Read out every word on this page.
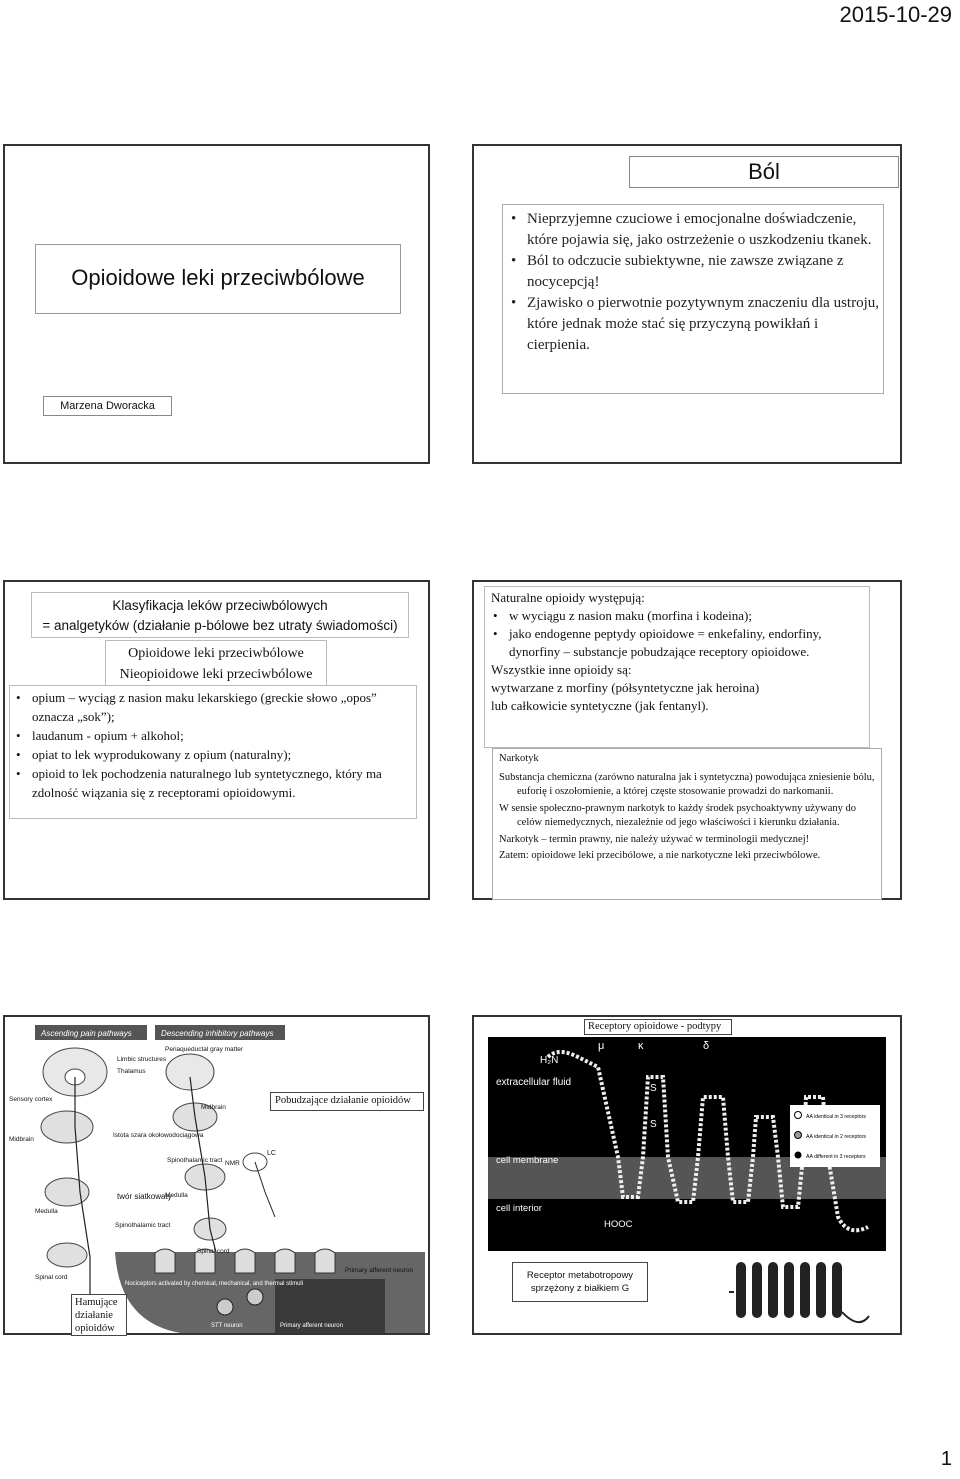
2015-10-29
Opioidowe leki przeciwbólowe
Marzena Dworacka
Ból
• Nieprzyjemne czuciowe i emocjonalne doświadczenie, które pojawia się, jako ostrzeżenie o uszkodzeniu tkanek.
• Ból to odczucie subiektywne, nie zawsze związane z nocycepcją!
• Zjawisko o pierwotnie pozytywnym znaczeniu dla ustroju, które jednak może stać się przyczyną powikłań i cierpienia.
Klasyfikacja leków przeciwbólowych
= analgetyków (działanie p-bólowe bez utraty świadomości)
Opioidowe leki przeciwbólowe
Nieopioidowe leki przeciwbólowe
• opium – wyciąg z nasion maku lekarskiego (greckie słowo „opos” oznacza „sok”);
• laudanum - opium + alkohol;
• opiat to lek wyprodukowany z opium (naturalny);
• opioid to lek pochodzenia naturalnego lub syntetycznego, który ma zdolność wiązania się z receptorami opioidowymi.
Naturalne opioidy występują:
• w wyciągu z nasion maku (morfina i kodeina);
• jako endogenne peptydy opioidowe = enkefaliny, endorfiny, dynorfiny – substancje pobudzające receptory opioidowe.
Wszystkie inne opioidy są:
wytwarzane z morfiny (półsyntetyczne jak heroina)
lub całkowicie syntetyczne (jak fentanyl).
Narkotyk
Substancja chemiczna (zarówno naturalna jak i syntetyczna) powodująca zniesienie bólu, euforię i oszołomienie, a której częste stosowanie prowadzi do narkomanii.
W sensie społeczno-prawnym narkotyk to każdy środek psychoaktywny używany do celów niemedycznych, niezależnie od jego właściwości i kierunku działania.
Narkotyk – termin prawny, nie należy używać w terminologii medycznej!
Zatem: opioidowe leki przecibólowe, a nie narkotyczne leki przeciwbólowe.
Ascending pain pathways	Descending inhibitory pathways
Limbic structures
Thalamus
Sensory cortex
Periaqueductal gray matter
Midbrain
Midbrain
Istota szara okołowodociągowa
Spinothalamic tract NMR
LC
Medulla
Medulla
twór siatkowaty
Spinothalamic tract
Spinal cord
Spinal cord
Primary afferent neuron
Nociceptors activated by chemical, mechanical, and thermal stimuli
STT neuron	Primary afferent neuron
Pobudzające działanie opioidów
Hamujące działanie opioidów
Receptory opioidowe - podtypy
μ	κ	δ
H₂N
extracellular fluid
S
S
cell membrane
cell interior
HOOC
AA identical in 3 receptors
AA identical in 2 receptors
AA different in 3 receptors
Receptor metabotropowy sprzężony z białkiem G
1
